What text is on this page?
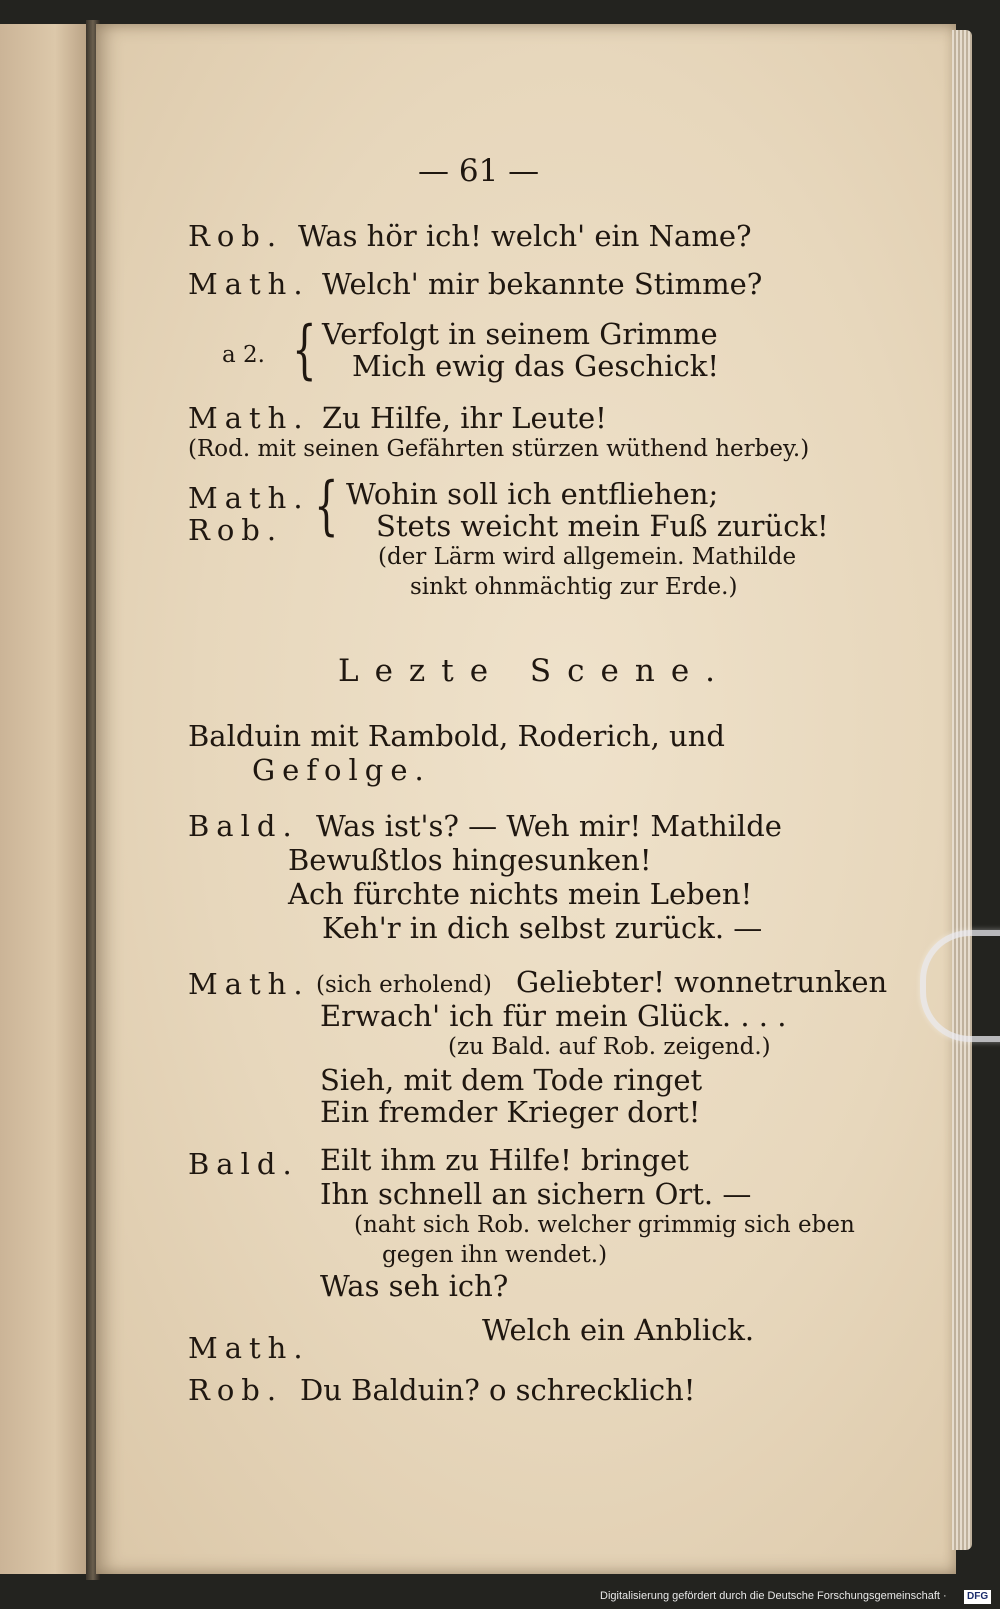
— 61 —
Rob. Was hör ich! welch' ein Name?
Math. Welch' mir bekannte Stimme?
a 2. { Verfolgt in seinem Grimme
Mich ewig das Geschick!
Math. Zu Hilfe, ihr Leute!
(Rod. mit seinen Gefährten stürzen wüthend herbey.)
Math.
Rob. { Wohin soll ich entfliehen;
Stets weicht mein Fuß zurück!
(der Lärm wird allgemein. Mathilde
sinkt ohnmächtig zur Erde.)
Lezte Scene.
Balduin mit Rambold, Roderich, und
Gefolge.
Bald. Was ist's? — Weh mir! Mathilde
Bewußtlos hingesunken!
Ach fürchte nichts mein Leben!
Keh'r in dich selbst zurück. —
Math. (sich erholend) Geliebter! wonnetrunken
Erwach' ich für mein Glück. . . .
(zu Bald. auf Rob. zeigend.)
Sieh, mit dem Tode ringet
Ein fremder Krieger dort!
Bald. Eilt ihm zu Hilfe! bringet
Ihn schnell an sichern Ort. —
(naht sich Rob. welcher grimmig sich eben
gegen ihn wendet.)
Was seh ich?
Math.
Welch ein Anblick.
Rob. Du Balduin? o schrecklich!
Digitalisierung gefördert durch die Deutsche Forschungsgemeinschaft ·	DFG
